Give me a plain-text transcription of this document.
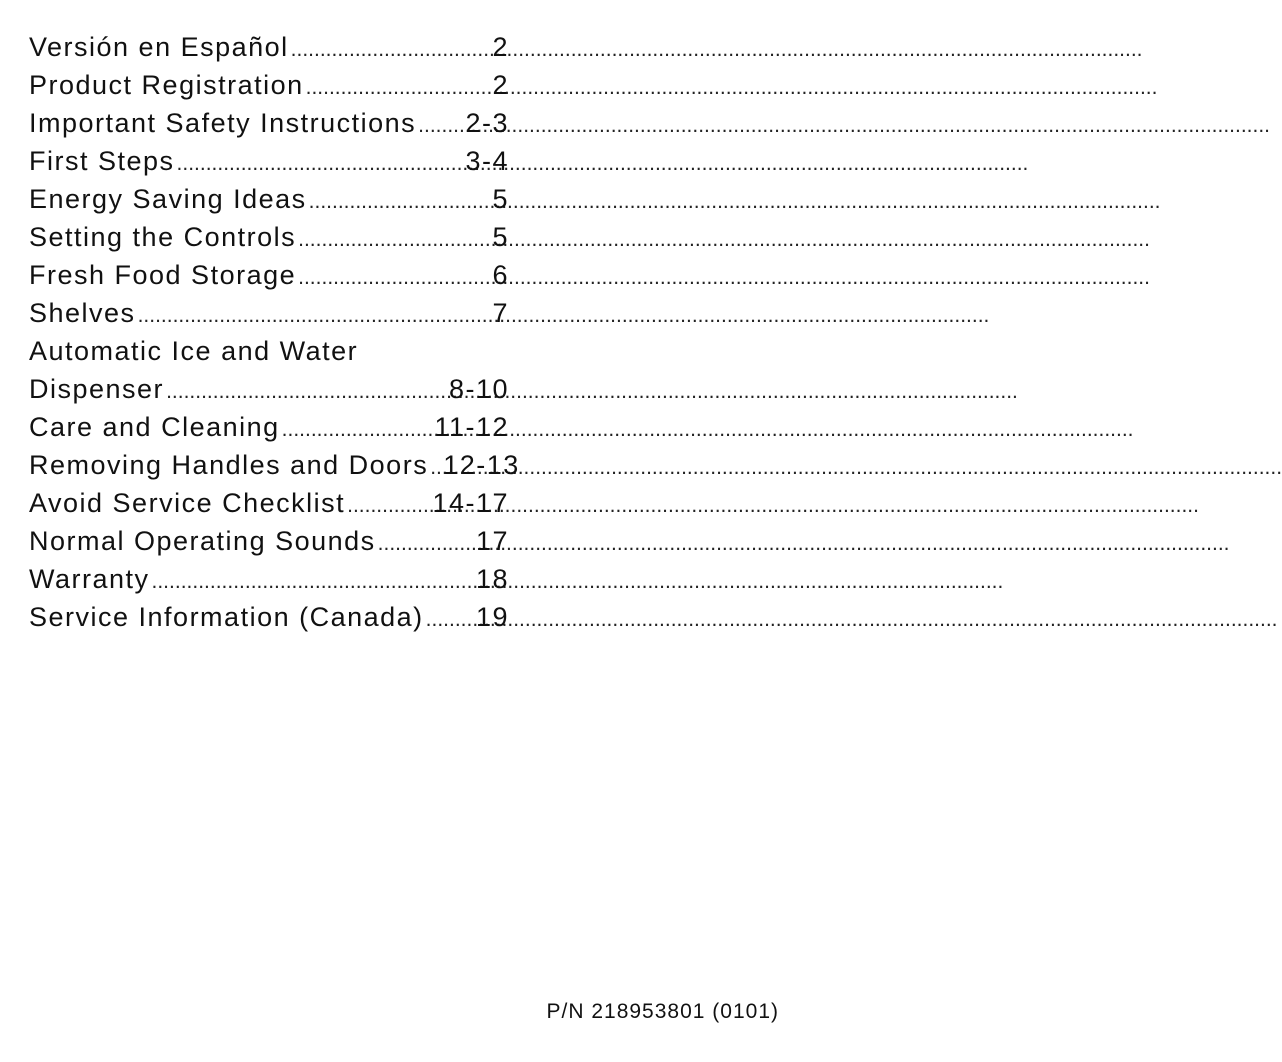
Versión en Español .....	2
Product Registration .....	2
Important Safety Instructions ..... 2-3
First Steps .....	3-4
Energy Saving Ideas .....	5
Setting the Controls .....	5
Fresh Food Storage .....	6
Shelves .....	7
Automatic Ice and Water
Dispenser .....	8-10
Care and Cleaning .....	11-12
Removing Handles and Doors ..... 12-13
Avoid Service Checklist .....	14-17
Normal Operating Sounds .....	17
Warranty .....	18
Service Information (Canada) ..... 19
P/N 218953801 (0101)
